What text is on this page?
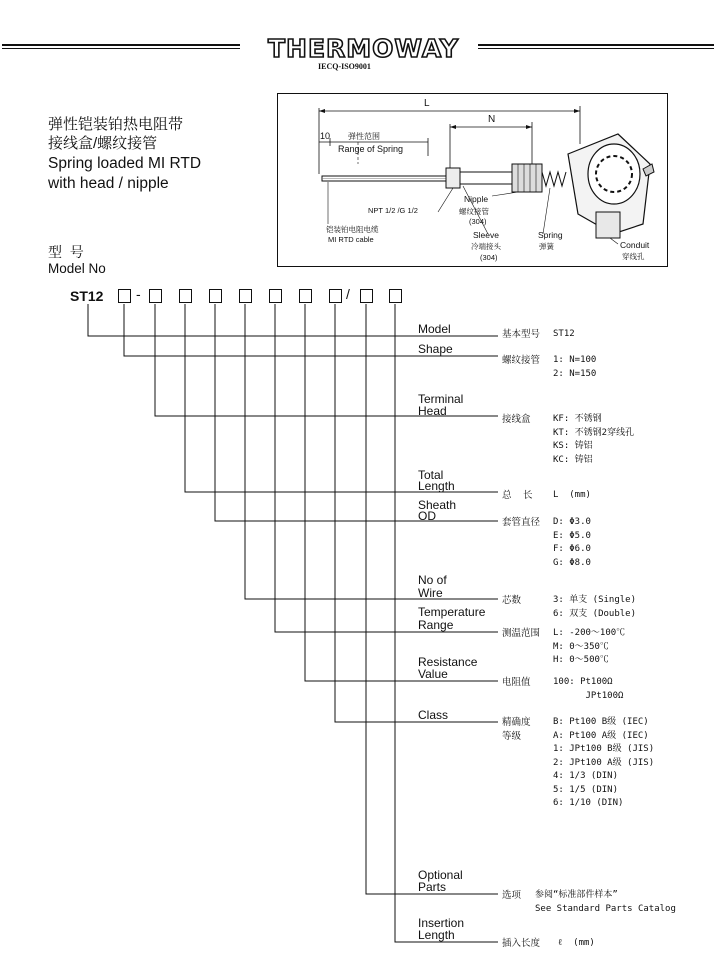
THERMOWAY
IECQ-ISO9001
弹性铠装铂热电阻带
接线盒/螺纹接管
Spring loaded MI RTD
with head / nipple
L
N
10 弹性范围
Range of Spring
NPT 1/2 /G 1/2
Nipple
螺纹接管
(304)
Sleeve
冷端接头
(304)
Spring
弹簧	Conduit
穿线孔
铠装铂电阻电缆
MI RTD cable
型  号
Model No
ST12 -	/
Model
Shape
Terminal
Head
Total
Length
Sheath
OD
No of
Wire
Temperature
Range
Resistance
Value
Class
Optional
Parts
Insertion
Length
基本型号
螺纹接管
接线盒
总  长
套管直径
芯数
测温范围
电阻值
精确度
等级
选项
插入长度
ST12
1: N=100
2: N=150
KF: 不锈钢
KT: 不锈钢2穿线孔
KS: 铸铝
KC: 铸铝
L  (mm)
D: Φ3.0
E: Φ5.0
F: Φ6.0
G: Φ8.0
3: 单支 (Single)
6: 双支 (Double)
L: -200～100℃
M: 0～350℃
H: 0～500℃
100: Pt100Ω
JPt100Ω
B: Pt100 B级 (IEC)
A: Pt100 A级 (IEC)
1: JPt100 B级 (JIS)
2: JPt100 A级 (JIS)
4: 1/3 (DIN)
5: 1/5 (DIN)
6: 1/10 (DIN)
参阅“标准部件样本”
See Standard Parts Catalog
ℓ  (mm)
